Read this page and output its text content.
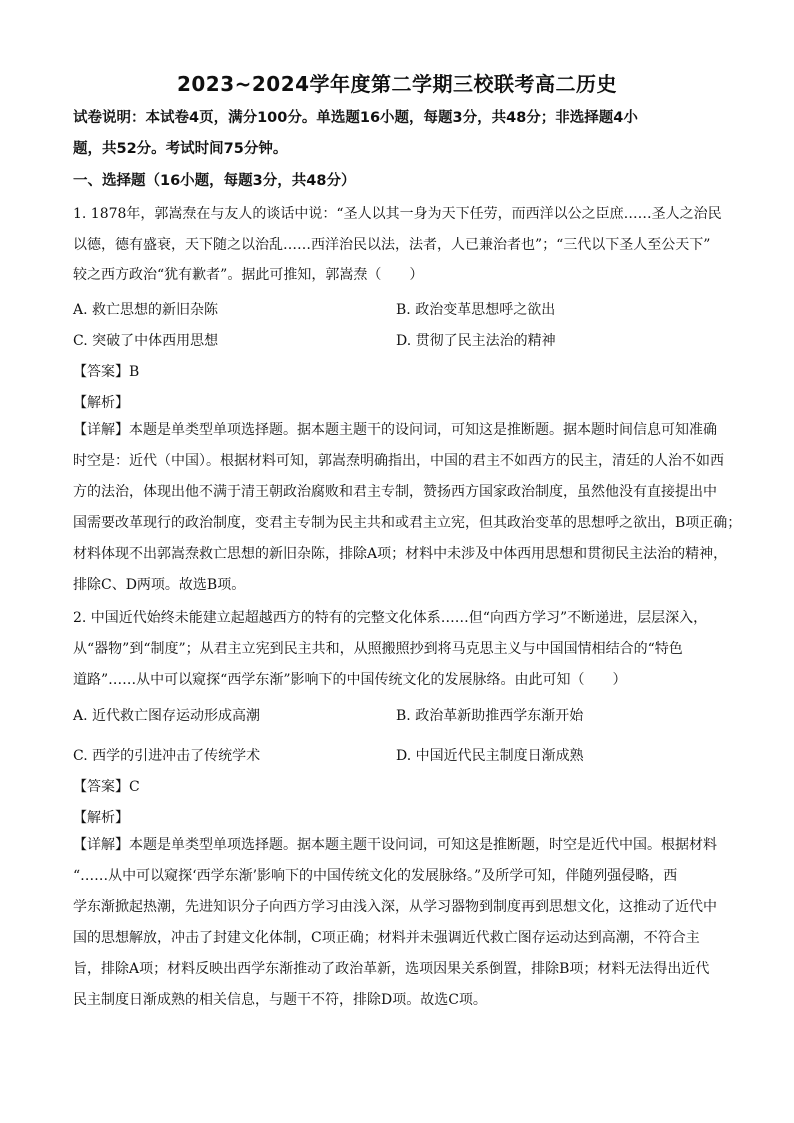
2023~2024学年度第二学期三校联考高二历史
试卷说明：本试卷4页，满分100分。单选题16小题，每题3分，共48分；非选择题4小
题，共52分。考试时间75分钟。
一、选择题（16小题，每题3分，共48分）
1. 1878年，郭嵩焘在与友人的谈话中说：“圣人以其一身为天下任劳，而西洋以公之臣庶……圣人之治民
以德，德有盛衰，天下随之以治乱……西洋治民以法，法者，人已兼治者也”；“三代以下圣人至公天下”
较之西方政治“犹有歉者”。据此可推知，郭嵩焘（　　）
A. 救亡思想的新旧杂陈	B. 政治变革思想呼之欲出
C. 突破了中体西用思想	D. 贯彻了民主法治的精神
【答案】B
【解析】
【详解】本题是单类型单项选择题。据本题主题干的设问词，可知这是推断题。据本题时间信息可知准确
时空是：近代（中国）。根据材料可知，郭嵩焘明确指出，中国的君主不如西方的民主，清廷的人治不如西
方的法治，体现出他不满于清王朝政治腐败和君主专制，赞扬西方国家政治制度，虽然他没有直接提出中
国需要改革现行的政治制度，变君主专制为民主共和或君主立宪，但其政治变革的思想呼之欲出，B项正确；
材料体现不出郭嵩焘救亡思想的新旧杂陈，排除A项；材料中未涉及中体西用思想和贯彻民主法治的精神，
排除C、D两项。故选B项。
2. 中国近代始终未能建立起超越西方的特有的完整文化体系……但“向西方学习”不断递进，层层深入，
从“器物”到“制度”；从君主立宪到民主共和，从照搬照抄到将马克思主义与中国国情相结合的“特色
道路”……从中可以窥探“西学东渐”影响下的中国传统文化的发展脉络。由此可知（　　）
A. 近代救亡图存运动形成高潮	B. 政治革新助推西学东渐开始
C. 西学的引进冲击了传统学术	D. 中国近代民主制度日渐成熟
【答案】C
【解析】
【详解】本题是单类型单项选择题。据本题主题干设问词，可知这是推断题，时空是近代中国。根据材料
“……从中可以窥探‘西学东渐’影响下的中国传统文化的发展脉络。”及所学可知，伴随列强侵略，西
学东渐掀起热潮，先进知识分子向西方学习由浅入深，从学习器物到制度再到思想文化，这推动了近代中
国的思想解放，冲击了封建文化体制，C项正确；材料并未强调近代救亡图存运动达到高潮，不符合主
旨，排除A项；材料反映出西学东渐推动了政治革新，选项因果关系倒置，排除B项；材料无法得出近代
民主制度日渐成熟的相关信息，与题干不符，排除D项。故选C项。
